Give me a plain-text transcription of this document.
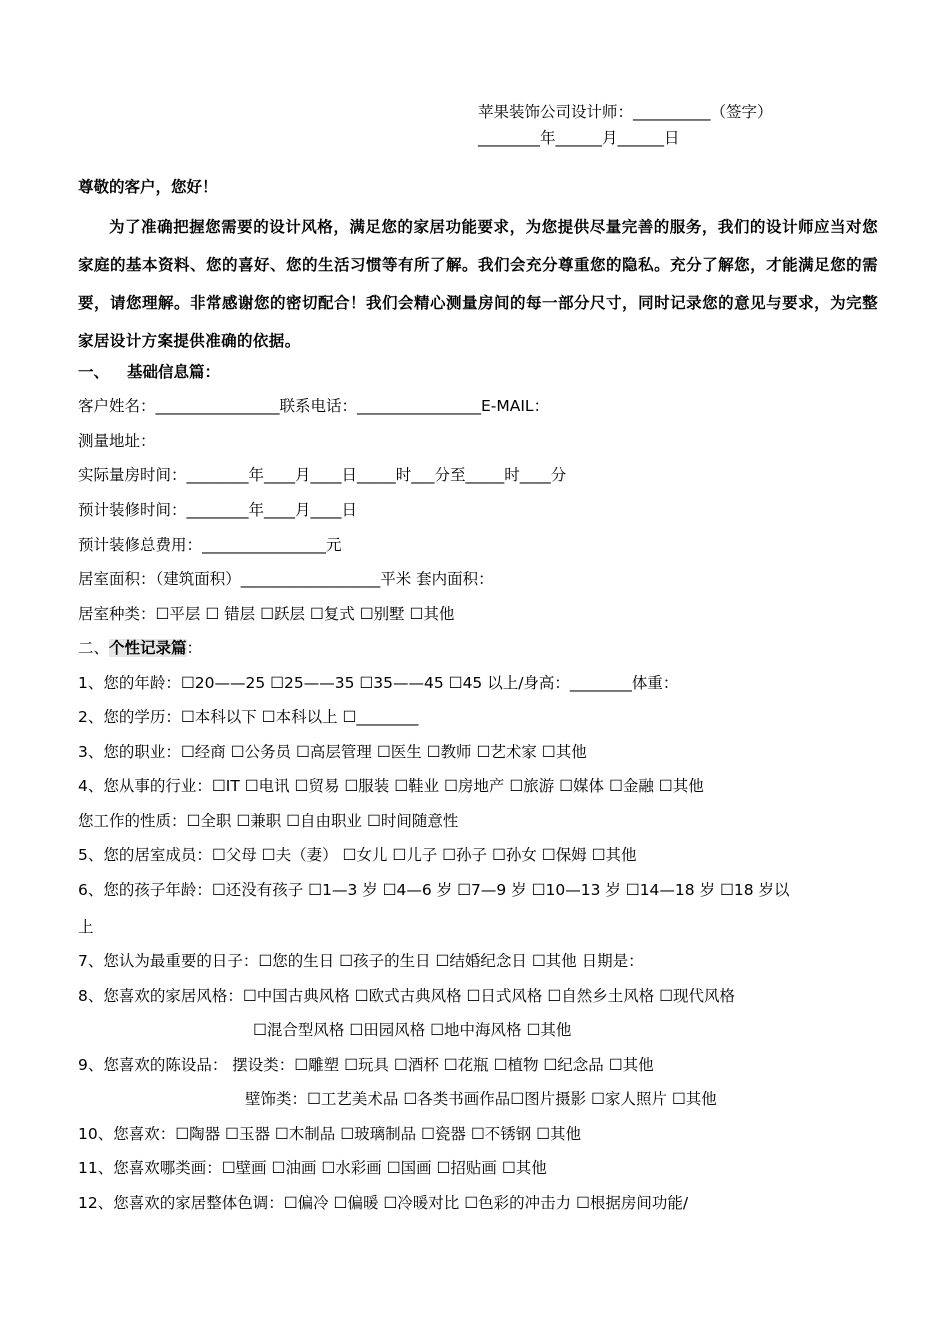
苹果装饰公司设计师：__________（签字）
________年______月______日
尊敬的客户，您好！
为了准确把握您需要的设计风格，满足您的家居功能要求，为您提供尽量完善的服务，我们的设计师应当对您家庭的基本资料、您的喜好、您的生活习惯等有所了解。我们会充分尊重您的隐私。充分了解您，才能满足您的需要，请您理解。非常感谢您的密切配合！我们会精心测量房间的每一部分尺寸，同时记录您的意见与要求，为完整家居设计方案提供准确的依据。
一、 基础信息篇：
客户姓名：________________联系电话：________________E-MAIL：
测量地址：
实际量房时间：________年____月____日_____时___分至_____时____分
预计装修时间：________年____月____日
预计装修总费用：________________元
居室面积：（建筑面积）__________________平米 套内面积：
居室种类：☐平层 ☐ 错层 ☐跃层 ☐复式 ☐别墅 ☐其他
二、个性记录篇：
1、您的年龄：☐20——25 ☐25——35 ☐35——45 ☐45 以上/身高：________体重：
2、您的学历：☐本科以下 ☐本科以上 ☐________
3、您的职业：☐经商 ☐公务员 ☐高层管理 ☐医生 ☐教师 ☐艺术家 ☐其他
4、您从事的行业：☐IT ☐电讯 ☐贸易 ☐服装 ☐鞋业 ☐房地产 ☐旅游 ☐媒体 ☐金融 ☐其他
您工作的性质：☐全职 ☐兼职 ☐自由职业 ☐时间随意性
5、您的居室成员：☐父母 ☐夫（妻） ☐女儿 ☐儿子 ☐孙子 ☐孙女 ☐保姆 ☐其他
6、您的孩子年龄：☐还没有孩子 ☐1—3 岁 ☐4—6 岁 ☐7—9 岁 ☐10—13 岁 ☐14—18 岁 ☐18 岁以
上
7、您认为最重要的日子：☐您的生日 ☐孩子的生日 ☐结婚纪念日 ☐其他 日期是：
8、您喜欢的家居风格：☐中国古典风格 ☐欧式古典风格 ☐日式风格 ☐自然乡土风格 ☐现代风格
☐混合型风格 ☐田园风格 ☐地中海风格 ☐其他
9、您喜欢的陈设品： 摆设类：☐雕塑 ☐玩具 ☐酒杯 ☐花瓶 ☐植物 ☐纪念品 ☐其他
壁饰类：☐工艺美术品 ☐各类书画作品☐图片摄影 ☐家人照片 ☐其他
10、您喜欢：☐陶器 ☐玉器 ☐木制品 ☐玻璃制品 ☐瓷器 ☐不锈钢 ☐其他
11、您喜欢哪类画：☐壁画 ☐油画 ☐水彩画 ☐国画 ☐招贴画 ☐其他
12、您喜欢的家居整体色调：☐偏冷 ☐偏暖 ☐冷暖对比 ☐色彩的冲击力 ☐根据房间功能/
